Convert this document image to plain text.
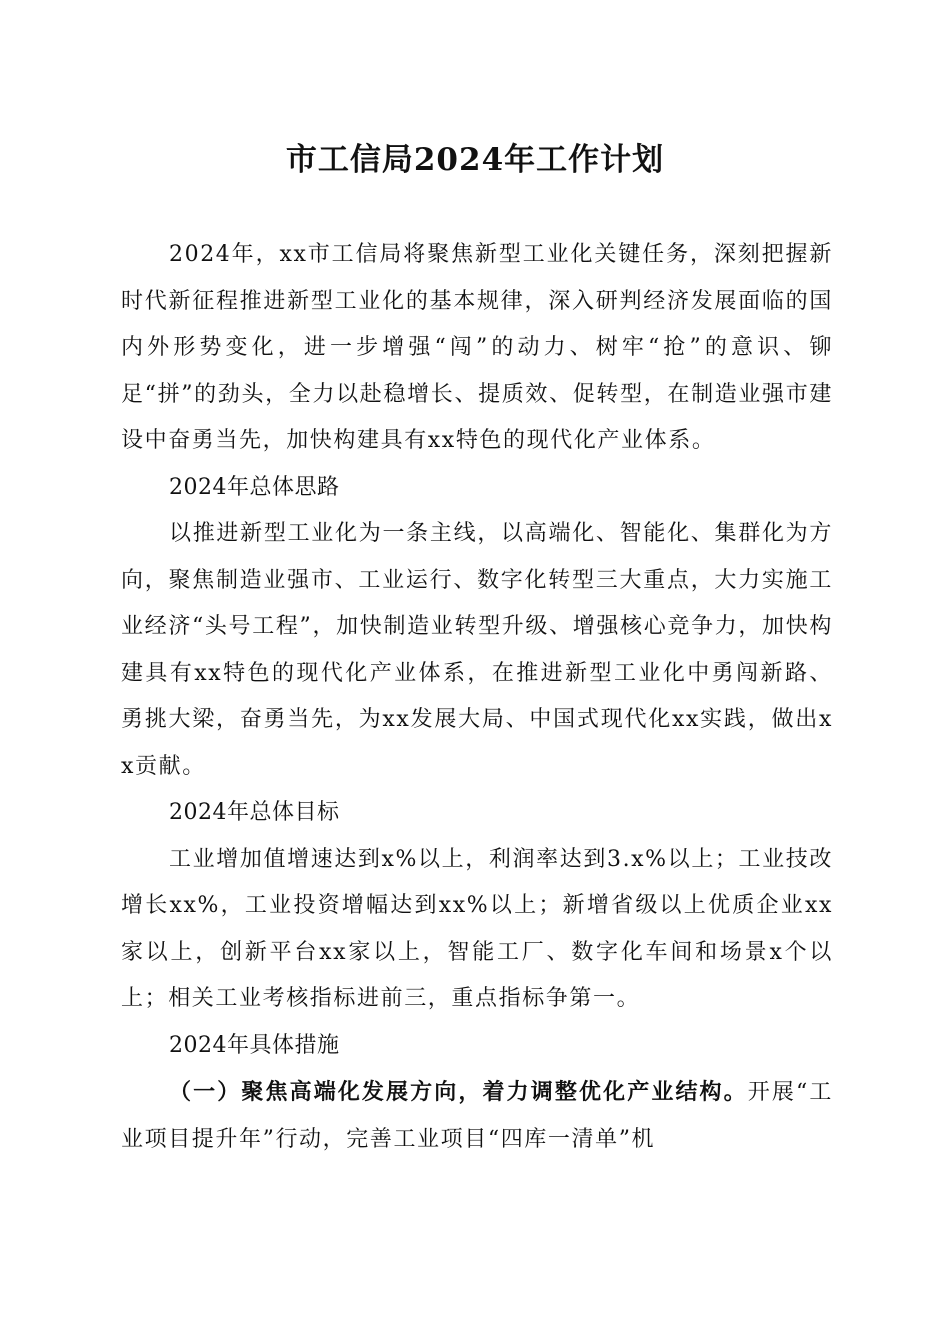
市工信局2024年工作计划

2024年，xx市工信局将聚焦新型工业化关键任务，深刻把握新时代新征程推进新型工业化的基本规律，深入研判经济发展面临的国内外形势变化，进一步增强“闯”的动力、树牢“抢”的意识、铆足“拼”的劲头，全力以赴稳增长、提质效、促转型，在制造业强市建设中奋勇当先，加快构建具有xx特色的现代化产业体系。

2024年总体思路

以推进新型工业化为一条主线，以高端化、智能化、集群化为方向，聚焦制造业强市、工业运行、数字化转型三大重点，大力实施工业经济“头号工程”，加快制造业转型升级、增强核心竞争力，加快构建具有xx特色的现代化产业体系，在推进新型工业化中勇闯新路、勇挑大梁，奋勇当先，为xx发展大局、中国式现代化xx实践，做出xx贡献。

2024年总体目标

工业增加值增速达到x%以上，利润率达到3.x%以上；工业技改增长xx%，工业投资增幅达到xx%以上；新增省级以上优质企业xx家以上，创新平台xx家以上，智能工厂、数字化车间和场景x个以上；相关工业考核指标进前三，重点指标争第一。

2024年具体措施

（一）聚焦高端化发展方向，着力调整优化产业结构。开展“工业项目提升年”行动，完善工业项目“四库一清单”机
